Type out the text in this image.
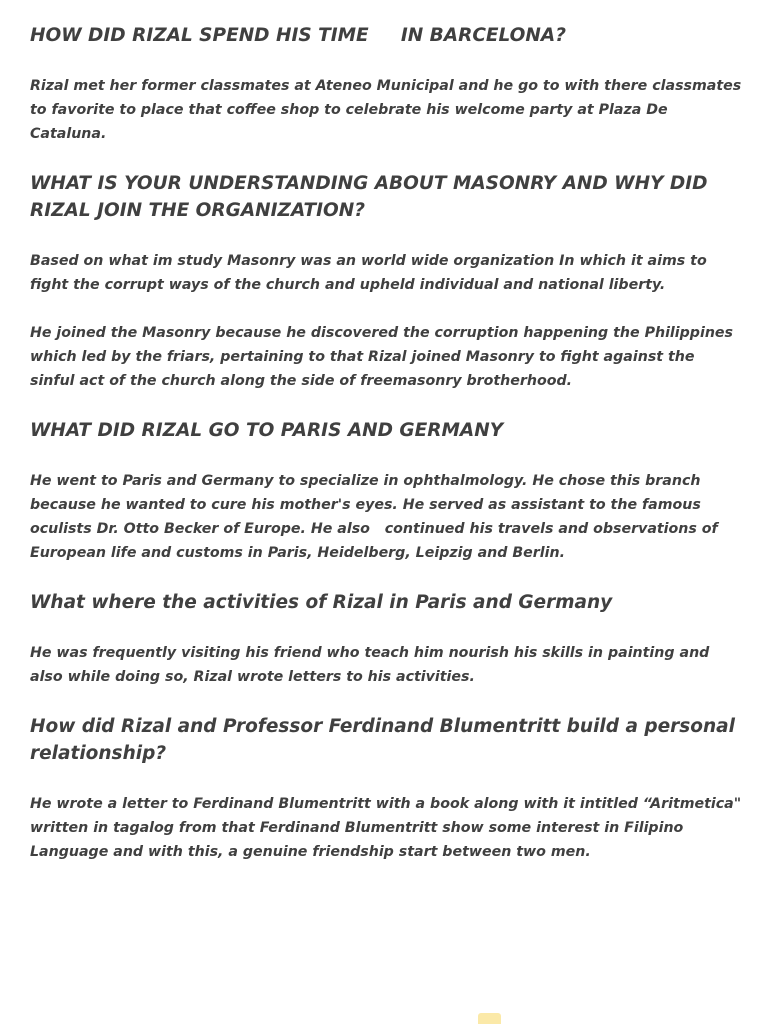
HOW DID RIZAL SPEND HIS TIME     IN BARCELONA?

Rizal met her former classmates at Ateneo Municipal and he go to with there classmates to favorite to place that coffee shop to celebrate his welcome party at Plaza De Cataluna.

WHAT IS YOUR UNDERSTANDING ABOUT MASONRY AND WHY DID RIZAL JOIN THE ORGANIZATION?

Based on what im study Masonry was an world wide organization In which it aims to fight the corrupt ways of the church and upheld individual and national liberty.

He joined the Masonry because he discovered the corruption happening the Philippines which led by the friars, pertaining to that Rizal joined Masonry to fight against the sinful act of the church along the side of freemasonry brotherhood.

WHAT DID RIZAL GO TO PARIS AND GERMANY

He went to Paris and Germany to specialize in ophthalmology. He chose this branch because he wanted to cure his mother's eyes. He served as assistant to the famous oculists Dr. Otto Becker of Europe. He also   continued his travels and observations of European life and customs in Paris, Heidelberg, Leipzig and Berlin.

What where the activities of Rizal in Paris and Germany

He was frequently visiting his friend who teach him nourish his skills in painting and also while doing so, Rizal wrote letters to his activities.

How did Rizal and Professor Ferdinand Blumentritt build a personal relationship?

He wrote a letter to Ferdinand Blumentritt with a book along with it intitled “Aritmetica" written in tagalog from that Ferdinand Blumentritt show some interest in Filipino Language and with this, a genuine friendship start between two men.
